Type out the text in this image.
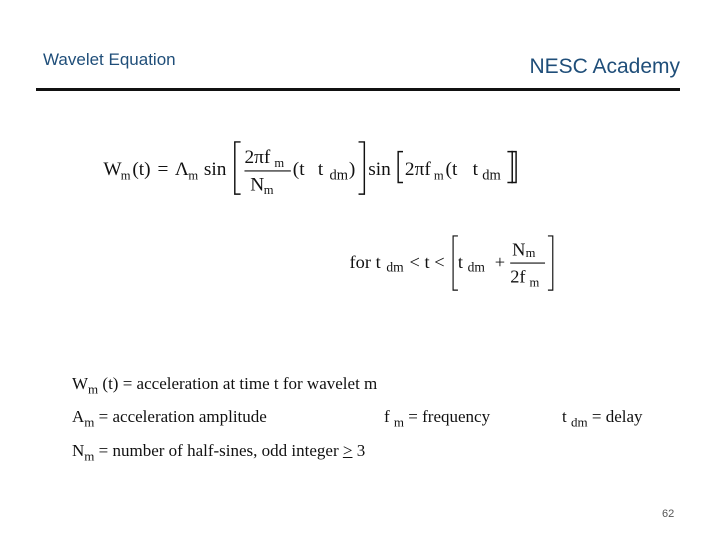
Wavelet Equation	NESC Academy
W m (t) = Λ m sin
2πf m
N m
(t t dm ) sin 2πf m (t t dm
for t dm < t < t dm +
N m
2f m
$W_m$ (t) = acceleration at time t for wavelet m
$A_m$ = acceleration amplitude	f $_m$ = frequency	t $_{dm}$ = delay
$N_m$ = number of half-sines, odd integer > 3
62
